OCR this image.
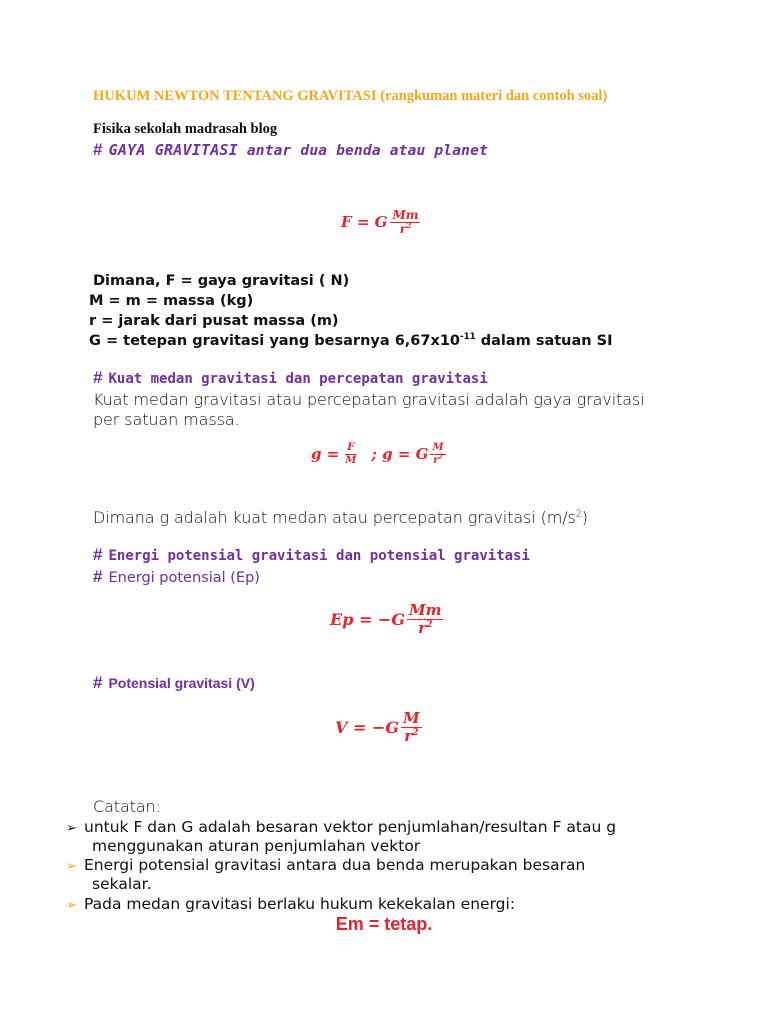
HUKUM NEWTON TENTANG GRAVITASI (rangkuman materi dan contoh soal)
Fisika sekolah madrasah blog
# GAYA GRAVITASI antar dua benda atau planet
F = G $\frac{Mm}{r^2}$
Dimana, F = gaya gravitasi ( N)
M = m = massa (kg)
r = jarak dari pusat massa (m)
G = tetepan gravitasi yang besarnya $6,67x10^{-11}$ dalam satuan SI
# Kuat medan gravitasi dan percepatan gravitasi
Kuat medan gravitasi atau percepatan gravitasi adalah gaya gravitasi
per satuan massa.
$g = \frac{F}{M}$ ; g = G $\frac{M}{r^2}$
Dimana g adalah kuat medan atau percepatan gravitasi $(m/s^2)$
# Energi potensial gravitasi dan potensial gravitasi
# Energi potensial (Ep)
$Ep = -G \frac{Mm}{r^2}$
# Potensial gravitasi (V)
$V = -G \frac{M}{r^2}$
Catatan:
➢ untuk F dan G adalah besaran vektor penjumlahan/resultan F atau g
menggunakan aturan penjumlahan vektor
➢ Energi potensial gravitasi antara dua benda merupakan besaran
sekalar.
➢ Pada medan gravitasi berlaku hukum kekekalan energi:
Em = tetap.
